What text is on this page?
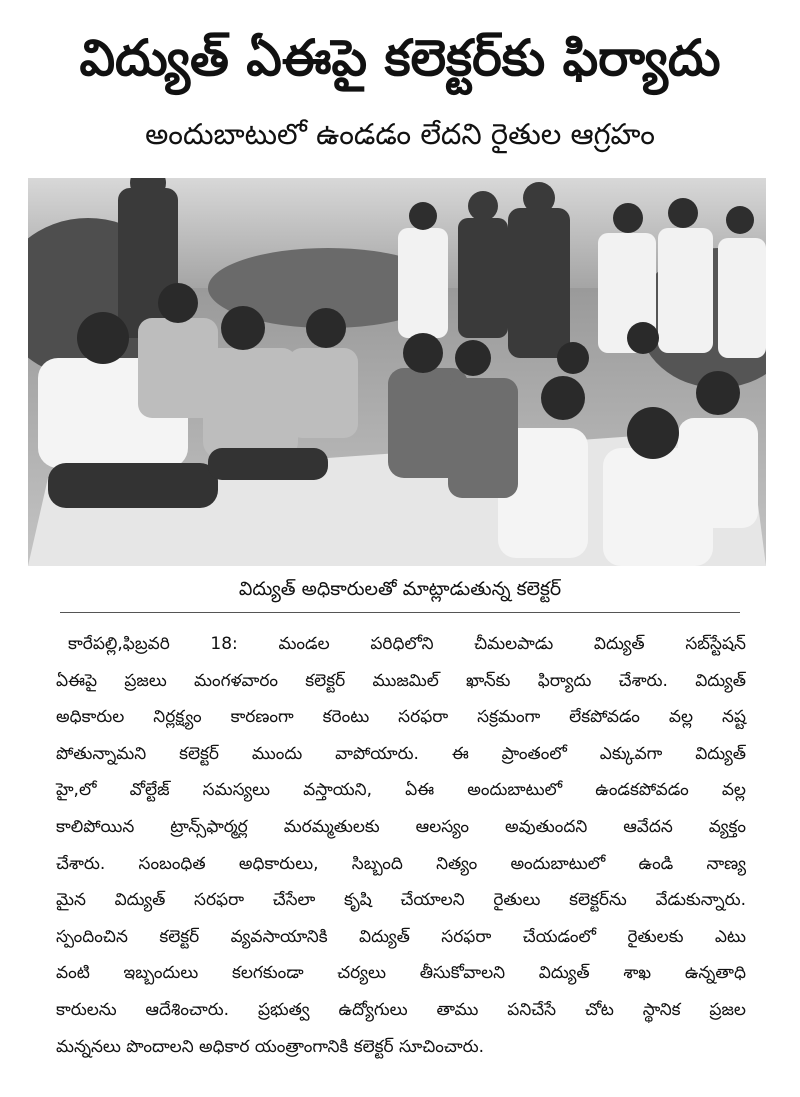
విద్యుత్ ఏఈపై కలెక్టర్‌కు ఫిర్యాదు
అందుబాటులో ఉండడం లేదని రైతుల ఆగ్రహం
విద్యుత్ అధికారులతో మాట్లాడుతున్న కలెక్టర్
కారేపల్లి,ఫిబ్రవరి 18: మండల పరిధిలోని చీమలపాడు విద్యుత్ సబ్‌స్టేషన్
ఏఈపై ప్రజలు మంగళవారం కలెక్టర్ ముజమిల్ ఖాన్‌కు ఫిర్యాదు చేశారు. విద్యుత్
అధికారుల నిర్లక్ష్యం కారణంగా కరెంటు సరఫరా సక్రమంగా లేకపోవడం వల్ల నష్ట
పోతున్నామని కలెక్టర్ ముందు వాపోయారు. ఈ ప్రాంతంలో ఎక్కువగా విద్యుత్
హై,లో వోల్టేజ్ సమస్యలు వస్తాయని, ఏఈ అందుబాటులో ఉండకపోవడం వల్ల
కాలిపోయిన ట్రాన్స్‌ఫార్మర్ల మరమ్మతులకు ఆలస్యం అవుతుందని ఆవేదన వ్యక్తం
చేశారు. సంబంధిత అధికారులు, సిబ్బంది నిత్యం అందుబాటులో ఉండి నాణ్య
మైన విద్యుత్ సరఫరా చేసేలా కృషి చేయాలని రైతులు కలెక్టర్‌ను వేడుకున్నారు.
స్పందించిన కలెక్టర్ వ్యవసాయానికి విద్యుత్ సరఫరా చేయడంలో రైతులకు ఎటు
వంటి ఇబ్బందులు కలగకుండా చర్యలు తీసుకోవాలని విద్యుత్ శాఖ ఉన్నతాధి
కారులను ఆదేశించారు. ప్రభుత్వ ఉద్యోగులు తాము పనిచేసే చోట స్థానిక ప్రజల
మన్ననలు పొందాలని అధికార యంత్రాంగానికి కలెక్టర్ సూచించారు.
